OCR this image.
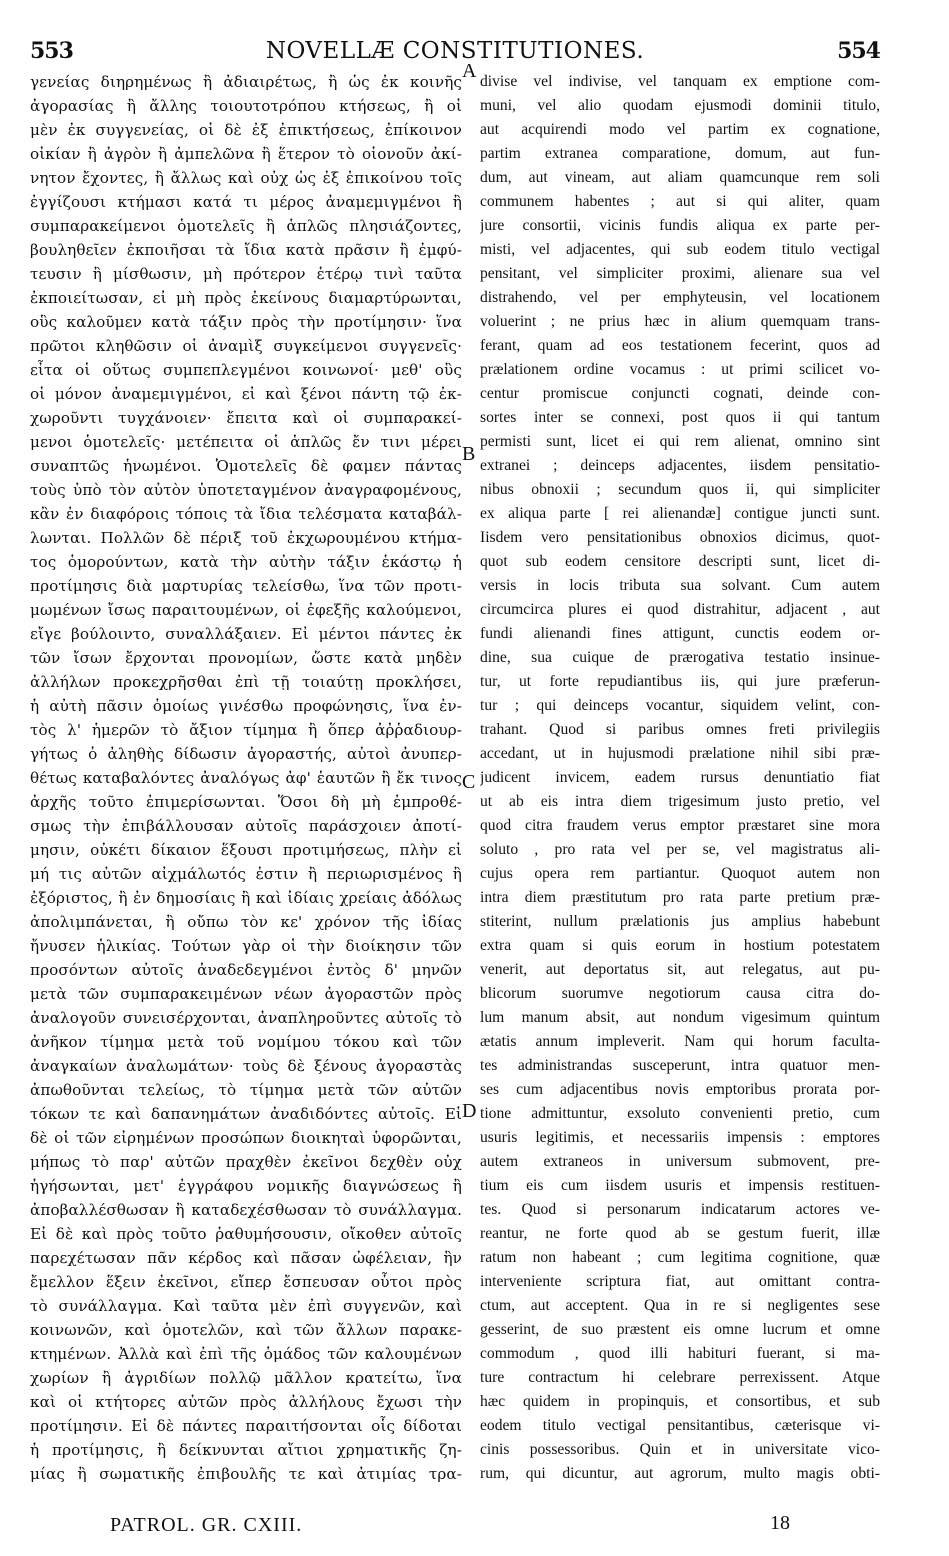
553	NOVELLÆ CONSTITUTIONES.	554
γενείας διηρημένως ἢ ἀδιαιρέτως, ἢ ὡς ἐκ κοινῆς
ἀγορασίας ἢ ἄλλης τοιουτοτρόπου κτήσεως, ἢ οἱ
μὲν ἐκ συγγενείας, οἱ δὲ ἐξ ἐπικτήσεως, ἐπίκοινον
οἰκίαν ἢ ἀγρὸν ἢ ἀμπελῶνα ἢ ἕτερον τὸ οἱονοῦν ἀκί-
νητον ἔχοντες, ἢ ἄλλως καὶ οὐχ ὡς ἐξ ἐπικοίνου τοῖς
ἐγγίζουσι κτήμασι κατά τι μέρος ἀναμεμιγμένοι ἢ
συμπαρακείμενοι ὁμοτελεῖς ἢ ἁπλῶς πλησιάζοντες,
βουληθεῖεν ἐκποιῆσαι τὰ ἴδια κατὰ πρᾶσιν ἢ ἐμφύ-
τευσιν ἢ μίσθωσιν, μὴ πρότερον ἑτέρῳ τινὶ ταῦτα
ἐκποιείτωσαν, εἰ μὴ πρὸς ἐκείνους διαμαρτύρωνται,
οὓς καλοῦμεν κατὰ τάξιν πρὸς τὴν προτίμησιν· ἵνα
πρῶτοι κληθῶσιν οἱ ἀναμὶξ συγκείμενοι συγγενεῖς·
εἶτα οἱ οὕτως συμπεπλεγμένοι κοινωνοί· μεθ' οὓς
οἱ μόνον ἀναμεμιγμένοι, εἰ καὶ ξένοι πάντη τῷ ἐκ-
χωροῦντι τυγχάνοιεν· ἔπειτα καὶ οἱ συμπαρακεί-
μενοι ὁμοτελεῖς· μετέπειτα οἱ ἁπλῶς ἔν τινι μέρει
συναπτῶς ἡνωμένοι. Ὁμοτελεῖς δὲ φαμεν πάντας
τοὺς ὑπὸ τὸν αὐτὸν ὑποτεταγμένον ἀναγραφομένους,
κἂν ἐν διαφόροις τόποις τὰ ἴδια τελέσματα καταβάλ-
λωνται. Πολλῶν δὲ πέριξ τοῦ ἐκχωρουμένου κτήμα-
τος ὁμορούντων, κατὰ τὴν αὐτὴν τάξιν ἑκάστῳ ἡ
προτίμησις διὰ μαρτυρίας τελείσθω, ἵνα τῶν προτι-
μωμένων ἴσως παραιτουμένων, οἱ ἐφεξῆς καλούμενοι,
εἴγε βούλοιντο, συναλλάξαιεν. Εἰ μέντοι πάντες ἐκ
τῶν ἴσων ἔρχονται προνομίων, ὥστε κατὰ μηδὲν
ἀλλήλων προκεχρῆσθαι ἐπὶ τῇ τοιαύτῃ προκλήσει,
ἡ αὐτὴ πᾶσιν ὁμοίως γινέσθω προφώνησις, ἵνα ἐν-
τὸς λ' ἡμερῶν τὸ ἄξιον τίμημα ἢ ὅπερ ἀῤῥαδιουρ-
γήτως ὁ ἀληθὴς δίδωσιν ἀγοραστής, αὐτοὶ ἀνυπερ-
θέτως καταβαλόντες ἀναλόγως ἀφ' ἑαυτῶν ἢ ἔκ τινος
ἀρχῆς τοῦτο ἐπιμερίσωνται. Ὅσοι δὴ μὴ ἐμπροθέ-
σμως τὴν ἐπιβάλλουσαν αὐτοῖς παράσχοιεν ἀποτί-
μησιν, οὐκέτι δίκαιον ἕξουσι προτιμήσεως, πλὴν εἰ
μή τις αὐτῶν αἰχμάλωτός ἐστιν ἢ περιωρισμένος ἢ
ἐξόριστος, ἢ ἐν δημοσίαις ἢ καὶ ἰδίαις χρείαις ἀδόλως
ἀπολιμπάνεται, ἢ οὔπω τὸν κε' χρόνον τῆς ἰδίας
ἤνυσεν ἡλικίας. Τούτων γὰρ οἱ τὴν διοίκησιν τῶν
προσόντων αὐτοῖς ἀναδεδεγμένοι ἐντὸς δ' μηνῶν
μετὰ τῶν συμπαρακειμένων νέων ἀγοραστῶν πρὸς
ἀναλογοῦν συνεισέρχονται, ἀναπληροῦντες αὐτοῖς τὸ
ἀνῆκον τίμημα μετὰ τοῦ νομίμου τόκου καὶ τῶν
ἀναγκαίων ἀναλωμάτων· τοὺς δὲ ξένους ἀγοραστὰς
ἀπωθοῦνται τελείως, τὸ τίμημα μετὰ τῶν αὐτῶν
τόκων τε καὶ δαπανημάτων ἀναδιδόντες αὐτοῖς. Εἰ
δὲ οἱ τῶν εἰρημένων προσώπων διοικηταὶ ὑφορῶνται,
μήπως τὸ παρ' αὐτῶν πραχθὲν ἐκεῖνοι δεχθὲν οὐχ
ἡγήσωνται, μετ' ἐγγράφου νομικῆς διαγνώσεως ἢ
ἀποβαλλέσθωσαν ἢ καταδεχέσθωσαν τὸ συνάλλαγμα.
Εἰ δὲ καὶ πρὸς τοῦτο ῥαθυμήσουσιν, οἴκοθεν αὐτοῖς
παρεχέτωσαν πᾶν κέρδος καὶ πᾶσαν ὠφέλειαν, ἣν
ἔμελλον ἕξειν ἐκεῖνοι, εἴπερ ἔσπευσαν οὗτοι πρὸς
τὸ συνάλλαγμα. Καὶ ταῦτα μὲν ἐπὶ συγγενῶν, καὶ
κοινωνῶν, καὶ ὁμοτελῶν, καὶ τῶν ἄλλων παρακε-
κτημένων. Ἀλλὰ καὶ ἐπὶ τῆς ὁμάδος τῶν καλουμένων
χωρίων ἢ ἀγριδίων πολλῷ μᾶλλον κρατείτω, ἵνα
καὶ οἱ κτήτορες αὐτῶν πρὸς ἀλλήλους ἔχωσι τὴν
προτίμησιν. Εἰ δὲ πάντες παραιτήσονται οἷς δίδοται
ἡ προτίμησις, ἢ δείκνυνται αἴτιοι χρηματικῆς ζη-
μίας ἢ σωματικῆς ἐπιβουλῆς τε καὶ ἀτιμίας τρα-
divise vel indivise, vel tanquam ex emptione com-
muni, vel alio quodam ejusmodi dominii titulo,
aut acquirendi modo vel partim ex cognatione,
partim extranea comparatione, domum, aut fun-
dum, aut vineam, aut aliam quamcunque rem soli
communem habentes ; aut si qui aliter, quam
jure consortii, vicinis fundis aliqua ex parte per-
misti, vel adjacentes, qui sub eodem titulo vectigal
pensitant, vel simpliciter proximi, alienare sua vel
distrahendo, vel per emphyteusin, vel locationem
voluerint ; ne prius hæc in alium quemquam trans-
ferant, quam ad eos testationem fecerint, quos ad
prælationem ordine vocamus : ut primi scilicet vo-
centur promiscue conjuncti cognati, deinde con-
sortes inter se connexi, post quos ii qui tantum
permisti sunt, licet ei qui rem alienat, omnino sint
extranei ; deinceps adjacentes, iisdem pensitatio-
nibus obnoxii ; secundum quos ii, qui simpliciter
ex aliqua parte [ rei alienandæ] contigue juncti sunt.
Iisdem vero pensitationibus obnoxios dicimus, quot-
quot sub eodem censitore descripti sunt, licet di-
versis in locis tributa sua solvant. Cum autem
circumcirca plures ei quod distrahitur, adjacent , aut
fundi alienandi fines attigunt, cunctis eodem or-
dine, sua cuique de prærogativa testatio insinue-
tur, ut forte repudiantibus iis, qui jure præferun-
tur ; qui deinceps vocantur, siquidem velint, con-
trahant. Quod si paribus omnes freti privilegiis
accedant, ut in hujusmodi prælatione nihil sibi præ-
judicent invicem, eadem rursus denuntiatio fiat
ut ab eis intra diem trigesimum justo pretio, vel
quod citra fraudem verus emptor præstaret sine mora
soluto , pro rata vel per se, vel magistratus ali-
cujus opera rem partiantur. Quoquot autem non
intra diem præstitutum pro rata parte pretium præ-
stiterint, nullum prælationis jus amplius habebunt
extra quam si quis eorum in hostium potestatem
venerit, aut deportatus sit, aut relegatus, aut pu-
blicorum suorumve negotiorum causa citra do-
lum manum absit, aut nondum vigesimum quintum
ætatis annum impleverit. Nam qui horum faculta-
tes administrandas susceperunt, intra quatuor men-
ses cum adjacentibus novis emptoribus prorata por-
tione admittuntur, exsoluto convenienti pretio, cum
usuris legitimis, et necessariis impensis : emptores
autem extraneos in universum submovent, pre-
tium eis cum iisdem usuris et impensis restituen-
tes. Quod si personarum indicatarum actores ve-
reantur, ne forte quod ab se gestum fuerit, illæ
ratum non habeant ; cum legitima cognitione, quæ
interveniente scriptura fiat, aut omittant contra-
ctum, aut acceptent. Qua in re si negligentes sese
gesserint, de suo præstent eis omne lucrum et omne
commodum , quod illi habituri fuerant, si ma-
ture contractum hi celebrare perrexissent. Atque
hæc quidem in propinquis, et consortibus, et sub
eodem titulo vectigal pensitantibus, cæterisque vi-
cinis possessoribus. Quin et in universitate vico-
rum, qui dicuntur, aut agrorum, multo magis obti-
A
B
C
D
PATROL. GR. CXIII.	18
